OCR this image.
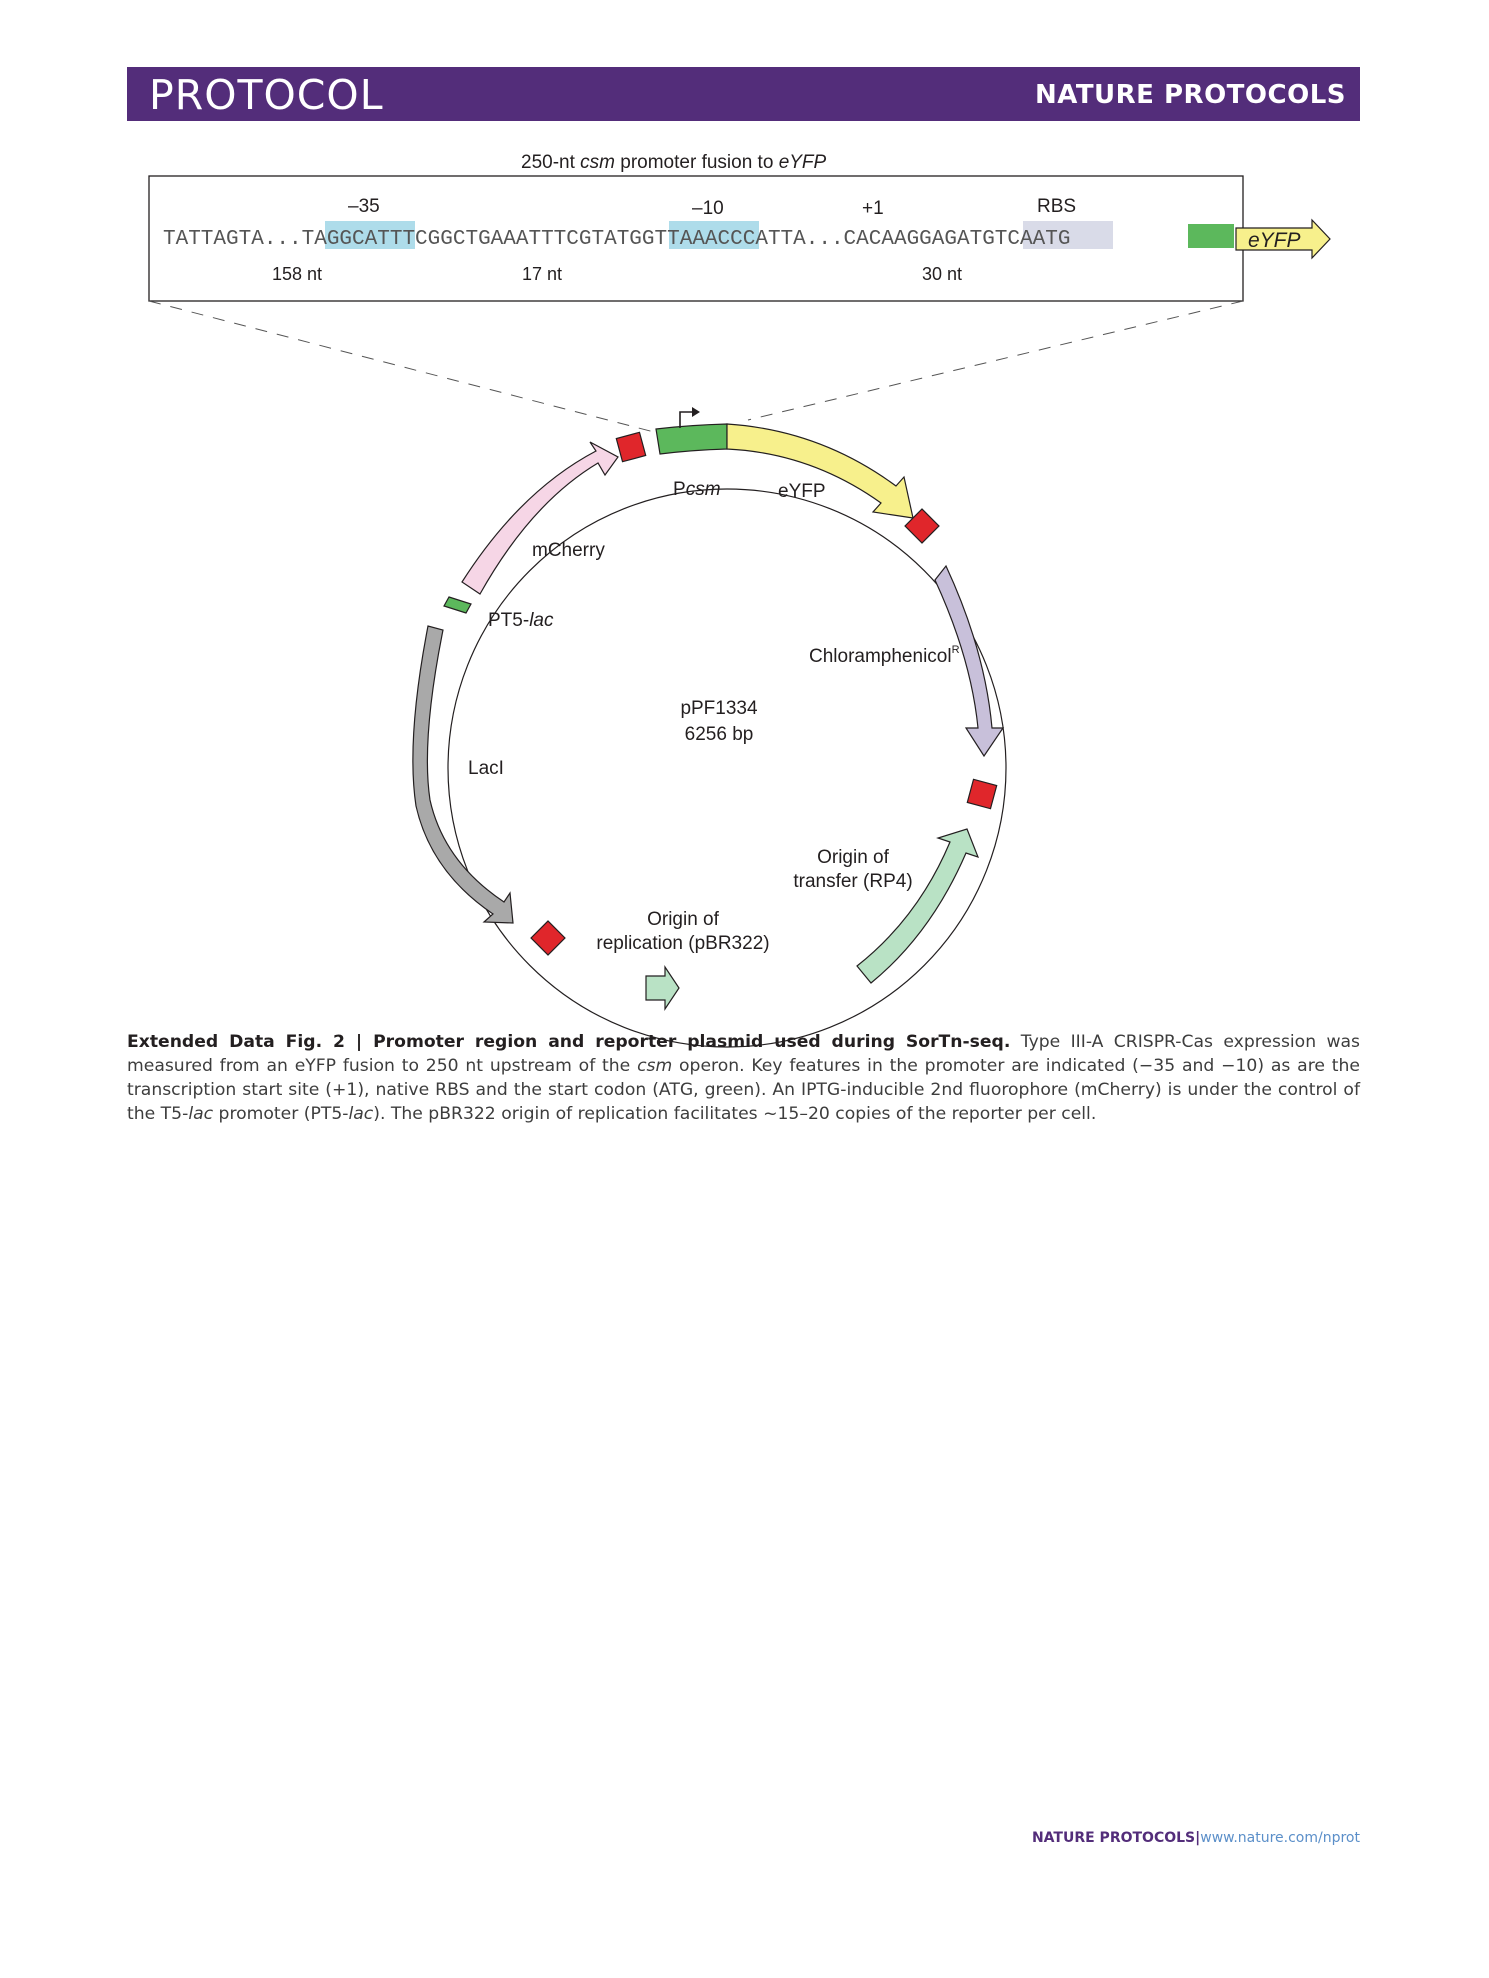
PROTOCOL	NATURE PROTOCOLS
250-nt csm promoter fusion to eYFP
–35	–10	+1	RBS
TATTAGTA...TAGGCATTTCGGCTGAAATTTCGTATGGTTAAACCCATTA...CACAAGGAGATGTCAATG	eYFP
158 nt	17 nt	30 nt
Pcsm	eYFP
mCherry
PT5-lac
Chloramphenicol$^R$
pPF1334
6256 bp
LacI
Origin of
transfer (RP4)
Origin of
replication (pBR322)
Extended Data Fig. 2 | Promoter region and reporter plasmid used during SorTn-seq. Type III-A CRISPR-Cas expression was measured from an eYFP fusion to 250 nt upstream of the csm operon. Key features in the promoter are indicated (−35 and −10) as are the transcription start site (+1), native RBS and the start codon (ATG, green). An IPTG-inducible 2nd fluorophore (mCherry) is under the control of the T5-lac promoter (PT5-lac). The pBR322 origin of replication facilitates ~15–20 copies of the reporter per cell.
NATURE PROTOCOLS|www.nature.com/nprot
